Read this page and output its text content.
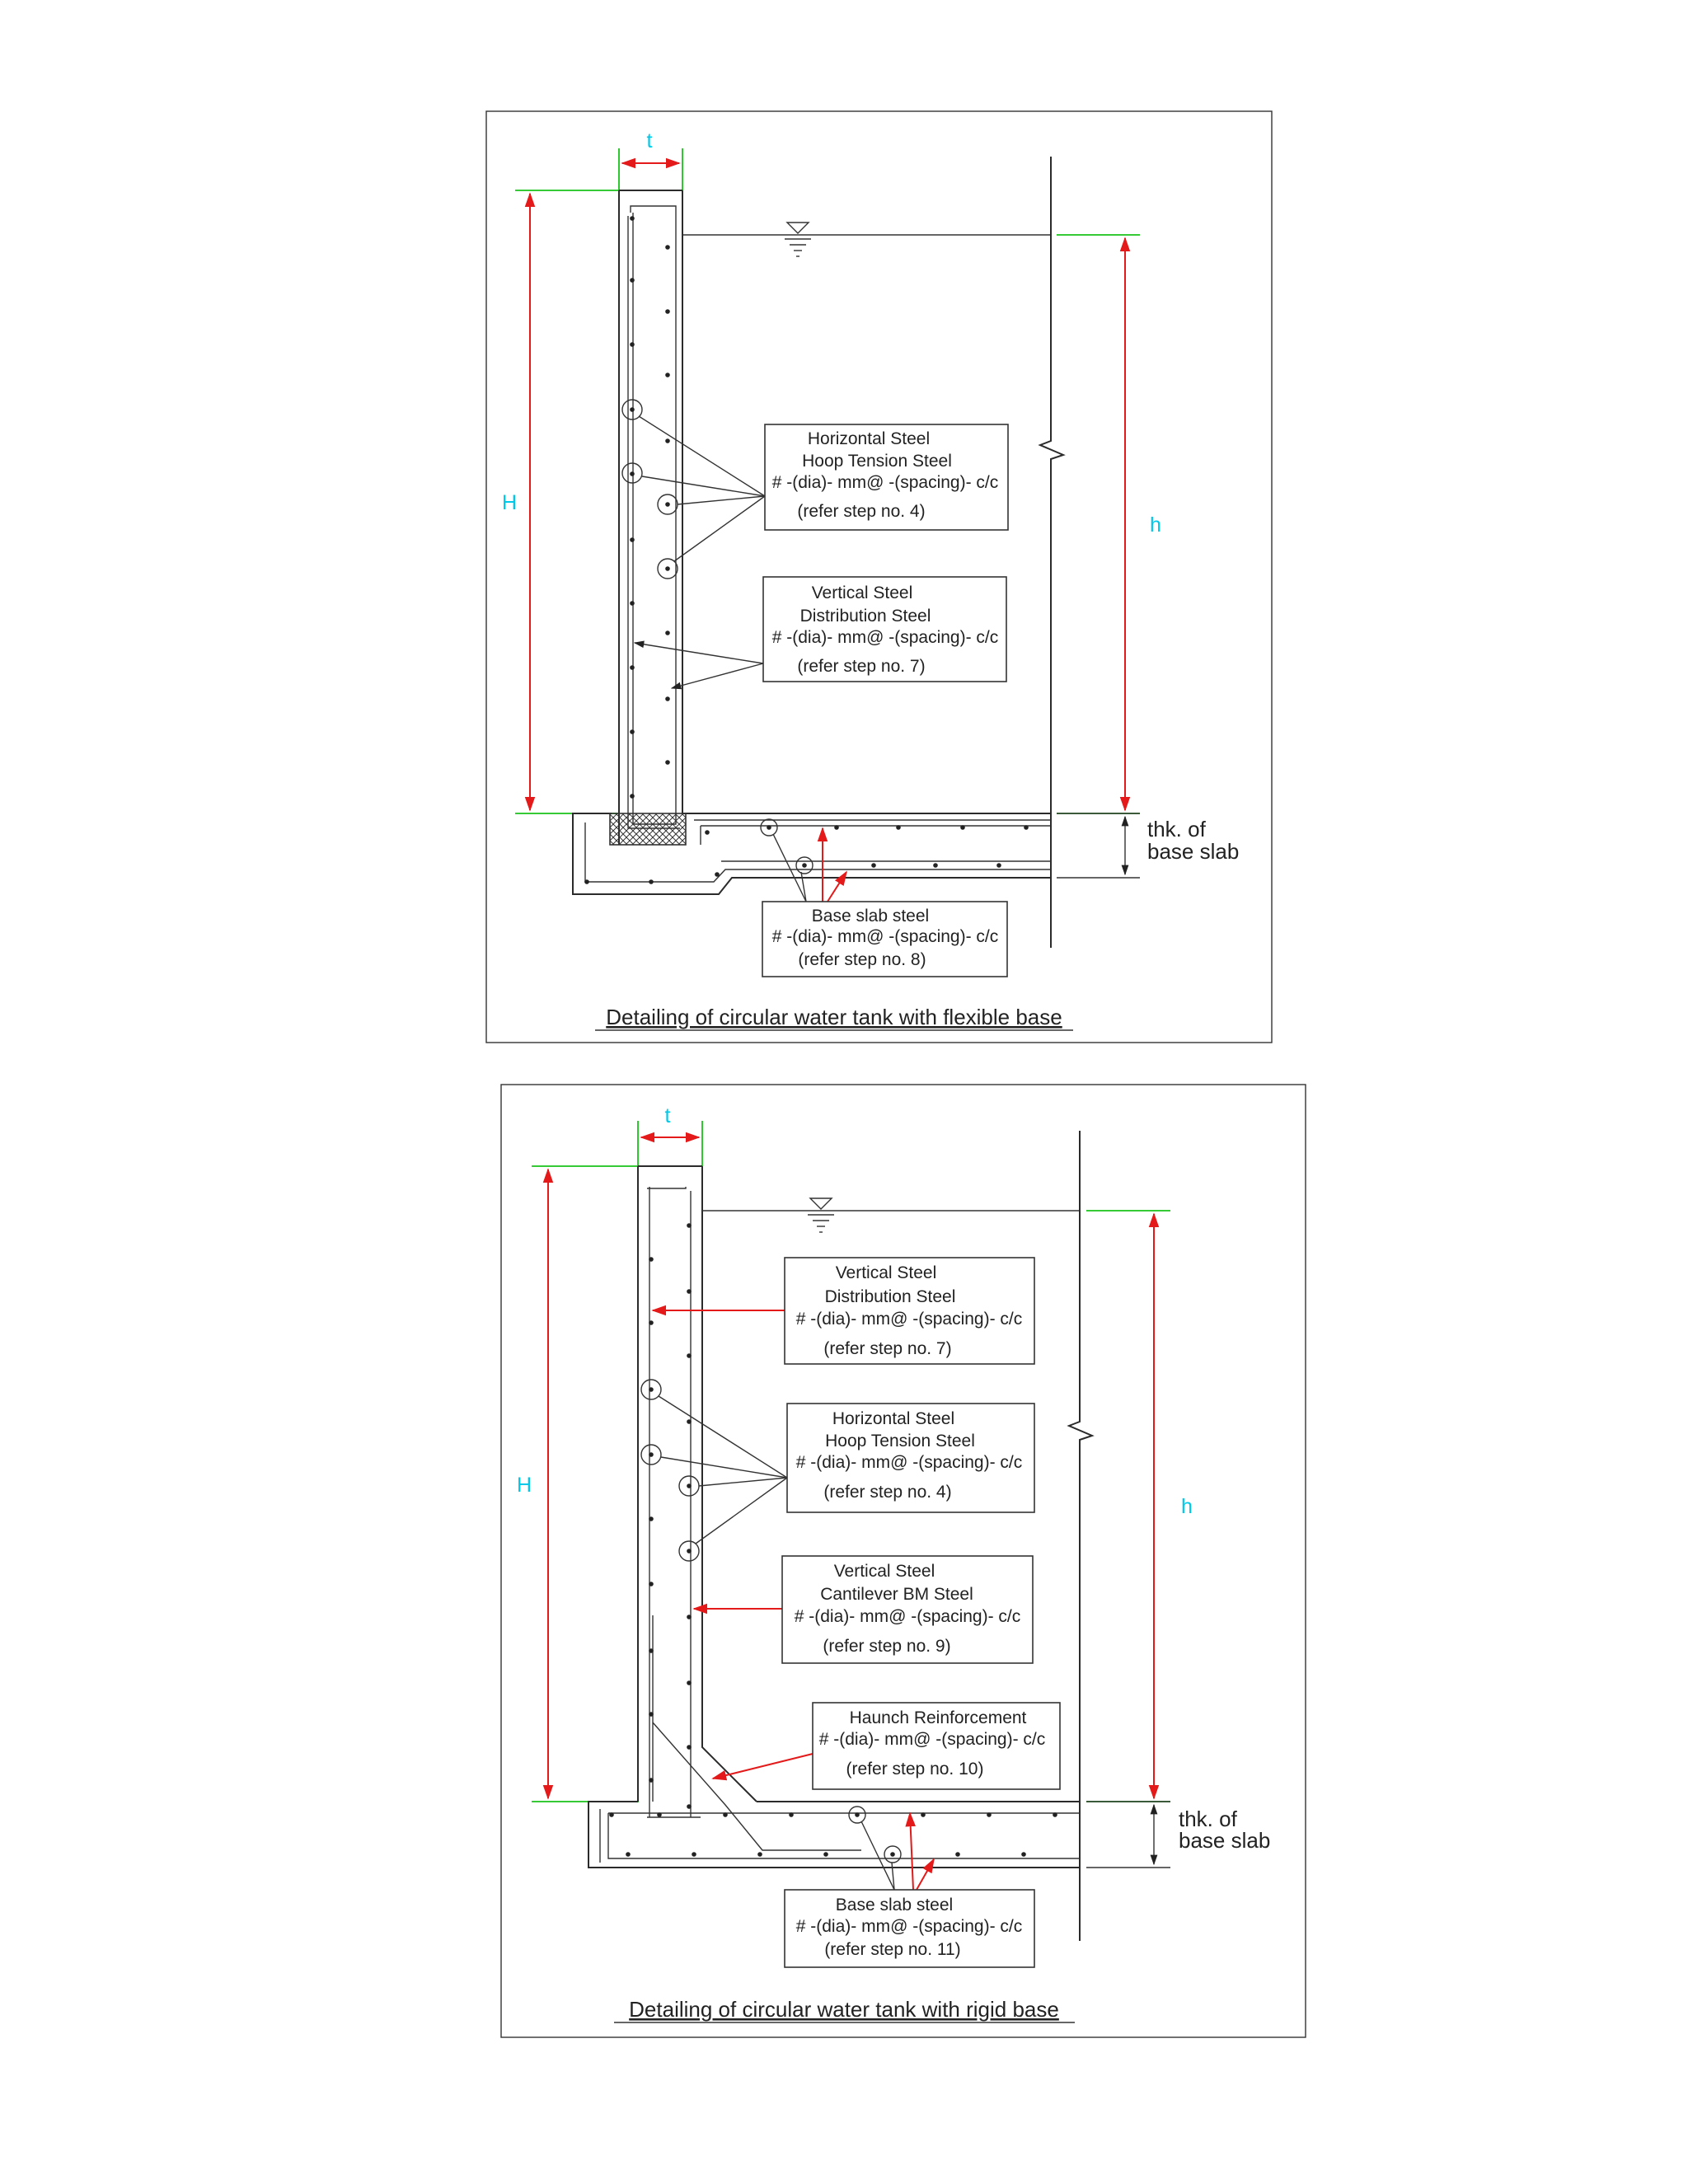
t
H
h
thk. of
base slab
Horizontal Steel
Hoop Tension Steel
# -(dia)- mm@ -(spacing)- c/c
(refer step no. 4)
Vertical Steel
Distribution Steel
# -(dia)- mm@ -(spacing)- c/c
(refer step no. 7)
Base slab steel
# -(dia)- mm@ -(spacing)- c/c
(refer step no. 8)
Detailing of circular water tank with flexible base
t
H
h
thk. of
base slab
Vertical Steel
Distribution Steel
# -(dia)- mm@ -(spacing)- c/c
(refer step no. 7)
Horizontal Steel
Hoop Tension Steel
# -(dia)- mm@ -(spacing)- c/c
(refer step no. 4)
Vertical Steel
Cantilever BM Steel
# -(dia)- mm@ -(spacing)- c/c
(refer step no. 9)
Haunch Reinforcement
# -(dia)- mm@ -(spacing)- c/c
(refer step no. 10)
Base slab steel
# -(dia)- mm@ -(spacing)- c/c
(refer step no. 11)
Detailing of circular water tank with rigid base
